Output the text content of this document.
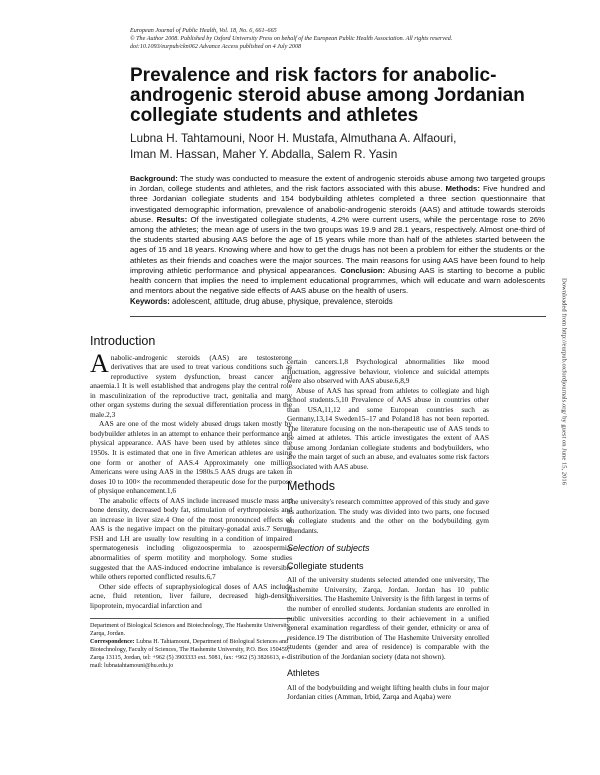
European Journal of Public Health, Vol. 18, No. 6, 661–665
© The Author 2008. Published by Oxford University Press on behalf of the European Public Health Association. All rights reserved.
doi:10.1093/eurpub/ckn062 Advance Access published on 4 July 2008
Prevalence and risk factors for anabolic-androgenic steroid abuse among Jordanian collegiate students and athletes
Lubna H. Tahtamouni, Noor H. Mustafa, Almuthana A. Alfaouri,
Iman M. Hassan, Maher Y. Abdalla, Salem R. Yasin
Background: The study was conducted to measure the extent of androgenic steroids abuse among two targeted groups in Jordan, college students and athletes, and the risk factors associated with this abuse. Methods: Five hundred and three Jordanian collegiate students and 154 bodybuilding athletes completed a three section questionnaire that investigated demographic information, prevalence of anabolic-androgenic steroids (AAS) and attitude towards steroids abuse. Results: Of the investigated collegiate students, 4.2% were current users, while the percentage rose to 26% among the athletes; the mean age of users in the two groups was 19.9 and 28.1 years, respectively. Almost one-third of the students started abusing AAS before the age of 15 years while more than half of the athletes started between the ages of 15 and 18 years. Knowing where and how to get the drugs has not been a problem for either the students or the athletes as their friends and coaches were the major sources. The main reasons for using AAS have been found to help improving athletic performance and physical appearances. Conclusion: Abusing AAS is starting to become a public health concern that implies the need to implement educational programmes, which will educate and warn adolescents and mentors about the negative side effects of AAS abuse on the health of users.
Keywords: adolescent, attitude, drug abuse, physique, prevalence, steroids	Downloaded from http://eurpub.oxfordjournals.org/ by guest on June 15, 2016
Introduction

Anabolic-androgenic steroids (AAS) are testosterone derivatives that are used to treat various conditions such as reproductive system dysfunction, breast cancer and anaemia.1 It is well established that androgens play the central role in masculinization of the reproductive tract, genitalia and many other organ systems during the sexual differentiation process in the male.2,3

AAS are one of the most widely abused drugs taken mostly by bodybuilder athletes in an attempt to enhance their performance and physical appearance. AAS have been used by athletes since the 1950s. It is estimated that one in five American athletes are using one form or another of AAS.4 Approximately one million Americans were using AAS in the 1980s.5 AAS drugs are taken in doses 10 to 100× the recommended therapeutic dose for the purpose of physique enhancement.1,6

The anabolic effects of AAS include increased muscle mass and bone density, decreased body fat, stimulation of erythropoiesis and an increase in liver size.4 One of the most pronounced effects of AAS is the negative impact on the pituitary-gonadal axis.7 Serum FSH and LH are usually low resulting in a condition of impaired spermatogenesis including oligozoospermia to azoospermia, abnormalities of sperm motility and morphology. Some studies suggested that the AAS-induced endocrine imbalance is reversible while others reported conflicted results.6,7

Other side effects of supraphysiological doses of AAS include acne, fluid retention, liver failure, decreased high-density lipoprotein, myocardial infarction and

Department of Biological Sciences and Biotechnology, The Hashemite University, Zarqa, Jordan.

Correspondence: Lubna H. Tahtamouni, Department of Biological Sciences and Biotechnology, Faculty of Sciences, The Hashemite University, P.O. Box 150459, Zarqa 13115, Jordan, tel: +962 (5) 3903333 ext. 5081, fax: +962 (5) 3826613, e-mail: lubnatahtamouni@hu.edu.jo

certain cancers.1,8 Psychological abnormalities like mood fluctuation, aggressive behaviour, violence and suicidal attempts were also observed with AAS abuse.6,8,9

Abuse of AAS has spread from athletes to collegiate and high school students.5,10 Prevalence of AAS abuse in countries other than USA,11,12 and some European countries such as Germany,13,14 Sweden15–17 and Poland18 has not been reported. The literature focusing on the non-therapeutic use of AAS tends to be aimed at athletes. This article investigates the extent of AAS abuse among Jordanian collegiate students and bodybuilders, who are the main target of such an abuse, and evaluates some risk factors associated with AAS abuse.

Methods

The university's research committee approved of this study and gave its authorization. The study was divided into two parts, one focused on collegiate students and the other on the bodybuilding gym attendants.

Selection of subjects
Collegiate students

All of the university students selected attended one university, The Hashemite University, Zarqa, Jordan. Jordan has 10 public universities. The Hashemite University is the fifth largest in terms of the number of enrolled students. Jordanian students are enrolled in public universities according to their achievement in a unified general examination regardless of their gender, ethnicity or area of residence.19 The distribution of The Hashemite University enrolled students (gender and area of residence) is comparable with the distribution of the Jordanian society (data not shown).

Athletes

All of the bodybuilding and weight lifting health clubs in four major Jordanian cities (Amman, Irbid, Zarqa and Aqaba) were
